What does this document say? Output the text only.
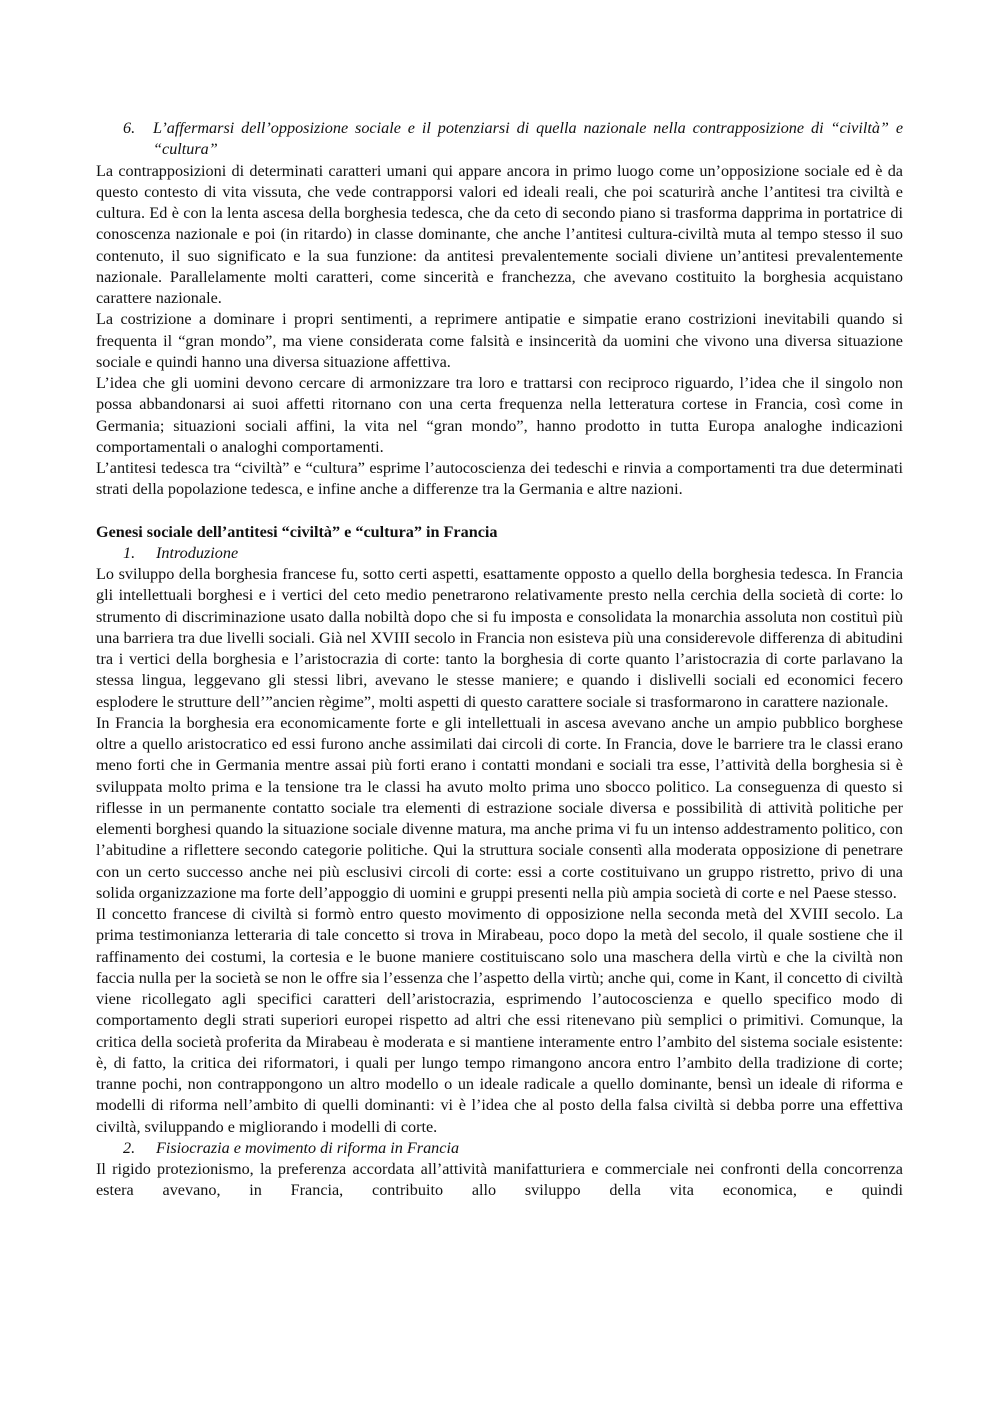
6.	L’affermarsi dell’opposizione sociale e il potenziarsi di quella nazionale nella contrapposizione di “civiltà” e “cultura”

La contrapposizioni di determinati caratteri umani qui appare ancora in primo luogo come un’opposizione sociale ed è da questo contesto di vita vissuta, che vede contrapporsi valori ed ideali reali, che poi scaturirà anche l’antitesi tra civiltà e cultura. Ed è con la lenta ascesa della borghesia tedesca, che da ceto di secondo piano si trasforma dapprima in portatrice di conoscenza nazionale e poi (in ritardo) in classe dominante, che anche l’antitesi cultura-civiltà muta al tempo stesso il suo contenuto, il suo significato e la sua funzione: da antitesi prevalentemente sociali diviene un’antitesi prevalentemente nazionale. Parallelamente molti caratteri, come sincerità e franchezza, che avevano costituito la borghesia acquistano carattere nazionale.

La costrizione a dominare i propri sentimenti, a reprimere antipatie e simpatie erano costrizioni inevitabili quando si frequenta il “gran mondo”, ma viene considerata come falsità e insincerità da uomini che vivono una diversa situazione sociale e quindi hanno una diversa situazione affettiva.

L’idea che gli uomini devono cercare di armonizzare tra loro e trattarsi con reciproco riguardo, l’idea che il singolo non possa abbandonarsi ai suoi affetti ritornano con una certa frequenza nella letteratura cortese in Francia, così come in Germania; situazioni sociali affini, la vita nel “gran mondo”, hanno prodotto in tutta Europa analoghe indicazioni comportamentali o analoghi comportamenti.

L’antitesi tedesca tra “civiltà” e “cultura” esprime l’autocoscienza dei tedeschi e rinvia a comportamenti tra due determinati strati della popolazione tedesca, e infine anche a differenze tra la Germania e altre nazioni.

Genesi sociale dell’antitesi “civiltà” e “cultura” in Francia

1.	Introduzione

Lo sviluppo della borghesia francese fu, sotto certi aspetti, esattamente opposto a quello della borghesia tedesca. In Francia gli intellettuali borghesi e i vertici del ceto medio penetrarono relativamente presto nella cerchia della società di corte: lo strumento di discriminazione usato dalla nobiltà dopo che si fu imposta e consolidata la monarchia assoluta non costituì più una barriera tra due livelli sociali. Già nel XVIII secolo in Francia non esisteva più una considerevole differenza di abitudini tra i vertici della borghesia e l’aristocrazia di corte: tanto la borghesia di corte quanto l’aristocrazia di corte parlavano la stessa lingua, leggevano gli stessi libri, avevano le stesse maniere; e quando i dislivelli sociali ed economici fecero esplodere le strutture dell’”ancien règime”, molti aspetti di questo carattere sociale si trasformarono in carattere nazionale.

In Francia la borghesia era economicamente forte e gli intellettuali in ascesa avevano anche un ampio pubblico borghese oltre a quello aristocratico ed essi furono anche assimilati dai circoli di corte. In Francia, dove le barriere tra le classi erano meno forti che in Germania mentre assai più forti erano i contatti mondani e sociali tra esse, l’attività della borghesia si è sviluppata molto prima e la tensione tra le classi ha avuto molto prima uno sbocco politico. La conseguenza di questo si riflesse in un permanente contatto sociale tra elementi di estrazione sociale diversa e possibilità di attività politiche per elementi borghesi quando la situazione sociale divenne matura, ma anche prima vi fu un intenso addestramento politico, con l’abitudine a riflettere secondo categorie politiche. Qui la struttura sociale consentì alla moderata opposizione di penetrare con un certo successo anche nei più esclusivi circoli di corte: essi a corte costituivano un gruppo ristretto, privo di una solida organizzazione ma forte dell’appoggio di uomini e gruppi presenti nella più ampia società di corte e nel Paese stesso.

Il concetto francese di civiltà si formò entro questo movimento di opposizione nella seconda metà del XVIII secolo. La prima testimonianza letteraria di tale concetto si trova in Mirabeau, poco dopo la metà del secolo, il quale sostiene che il raffinamento dei costumi, la cortesia e le buone maniere costituiscano solo una maschera della virtù e che la civiltà non faccia nulla per la società se non le offre sia l’essenza che l’aspetto della virtù; anche qui, come in Kant, il concetto di civiltà viene ricollegato agli specifici caratteri dell’aristocrazia, esprimendo l’autocoscienza e quello specifico modo di comportamento degli strati superiori europei rispetto ad altri che essi ritenevano più semplici o primitivi. Comunque, la critica della società proferita da Mirabeau è moderata e si mantiene interamente entro l’ambito del sistema sociale esistente: è, di fatto, la critica dei riformatori, i quali per lungo tempo rimangono ancora entro l’ambito della tradizione di corte; tranne pochi, non contrappongono un altro modello o un ideale radicale a quello dominante, bensì un ideale di riforma e modelli di riforma nell’ambito di quelli dominanti: vi è l’idea che al posto della falsa civiltà si debba porre una effettiva civiltà, sviluppando e migliorando i modelli di corte.

2.	Fisiocrazia e movimento di riforma in Francia

Il rigido protezionismo, la preferenza accordata all’attività manifatturiera e commerciale nei confronti della concorrenza estera avevano, in Francia, contribuito allo sviluppo della vita economica, e quindi
